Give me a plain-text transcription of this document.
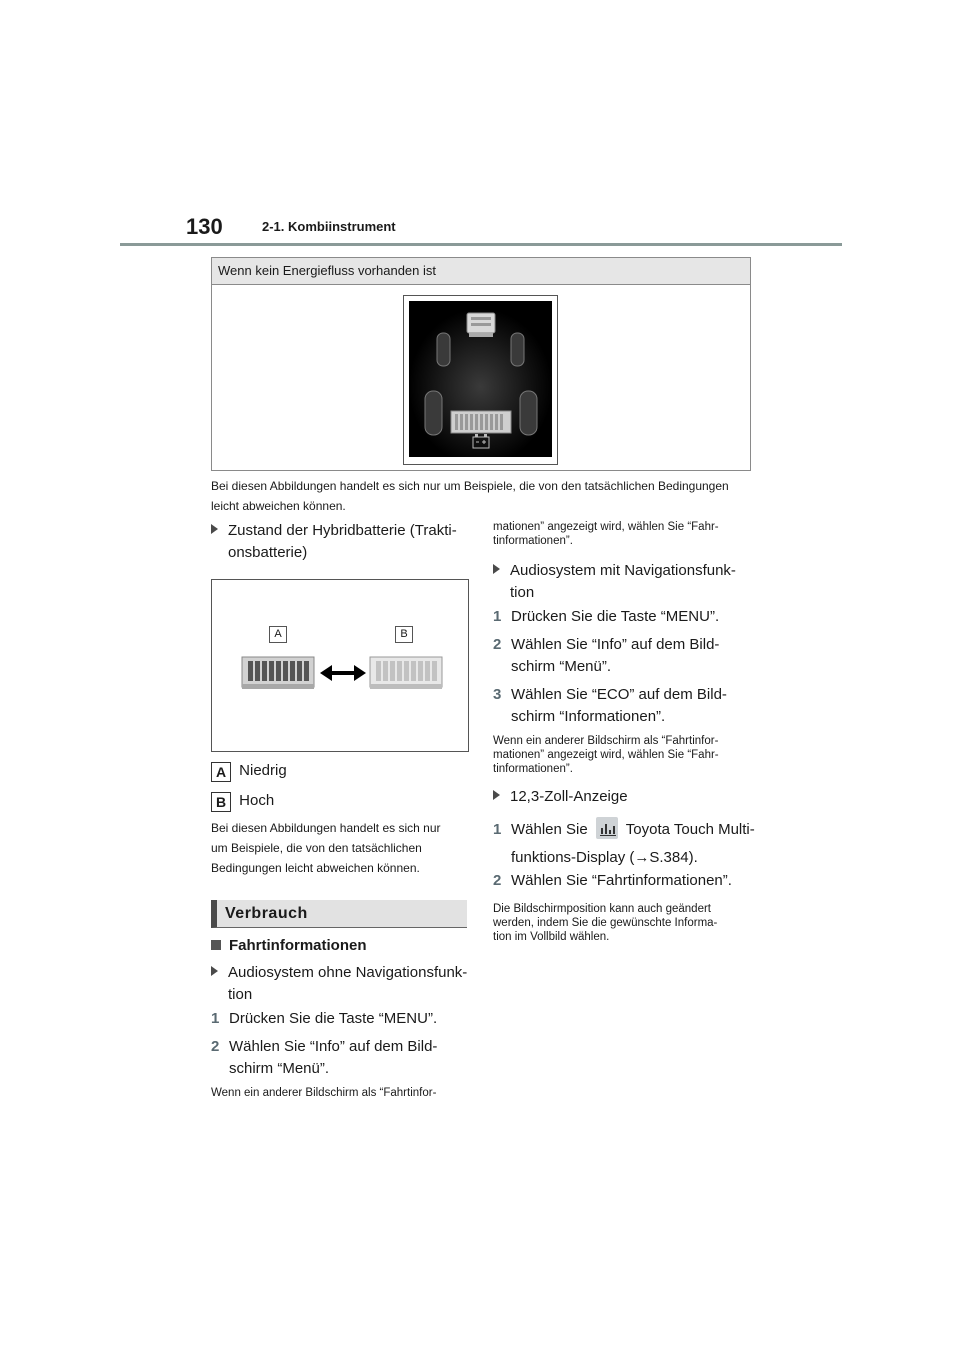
130	2-1. Kombiinstrument
Wenn kein Energiefluss vorhanden ist
Bei diesen Abbildungen handelt es sich nur um Beispiele, die von den tatsächlichen Bedingungen leicht abweichen können.
Zustand der Hybridbatterie (Trakti-
onsbatterie)
A	B
A Niedrig
B Hoch
Bei diesen Abbildungen handelt es sich nur
um Beispiele, die von den tatsächlichen
Bedingungen leicht abweichen können.
Verbrauch
Fahrtinformationen
Audiosystem ohne Navigationsfunk-
tion
1 Drücken Sie die Taste “MENU”.
2 Wählen Sie “Info” auf dem Bild-
schirm “Menü”.
Wenn ein anderer Bildschirm als “Fahrtinfor-
mationen” angezeigt wird, wählen Sie “Fahr-
tinformationen”.
Audiosystem mit Navigationsfunk-
tion
1 Drücken Sie die Taste “MENU”.
2 Wählen Sie “Info” auf dem Bild-
schirm “Menü”.
3 Wählen Sie “ECO” auf dem Bild-
schirm “Informationen”.
Wenn ein anderer Bildschirm als “Fahrtinfor-
mationen” angezeigt wird, wählen Sie “Fahr-
tinformationen”.
12,3-Zoll-Anzeige
1 Wählen Sie	Toyota Touch Multi-
funktions-Display (→S.384).
2 Wählen Sie “Fahrtinformationen”.
Die Bildschirmposition kann auch geändert
werden, indem Sie die gewünschte Informa-
tion im Vollbild wählen.
